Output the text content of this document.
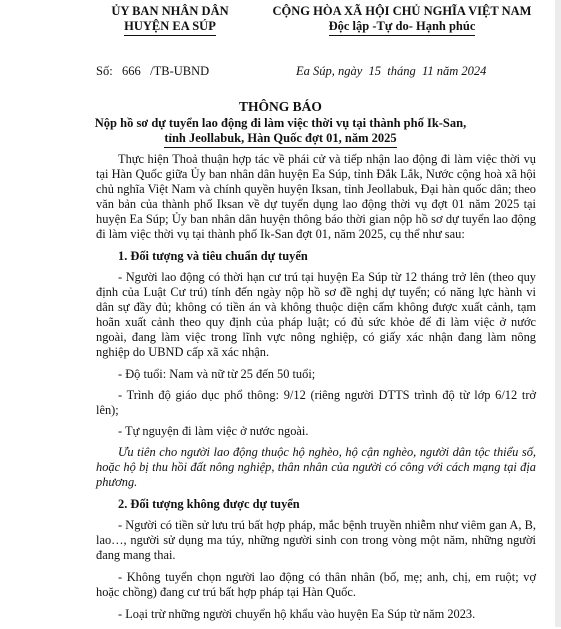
ỦY BAN NHÂN DÂN
HUYỆN EA SÚP
CỘNG HÒA XÃ HỘI CHỦ NGHĨA VIỆT NAM
Độc lập -Tự do- Hạnh phúc
Số:   666   /TB-UBND	Ea Súp, ngày  15  tháng  11 năm 2024
THÔNG BÁO
Nộp hồ sơ dự tuyển lao động đi làm việc thời vụ tại thành phố Ik-San,
tỉnh Jeollabuk, Hàn Quốc đợt 01, năm 2025

Thực hiện Thoả thuận hợp tác về phái cử và tiếp nhận lao động đi làm việc thời vụ tại Hàn Quốc giữa Ủy ban nhân dân huyện Ea Súp, tỉnh Đắk Lắk, Nước cộng hoà xã hội chủ nghĩa Việt Nam và chính quyền huyện Iksan, tỉnh Jeollabuk, Đại hàn quốc dân; theo văn bản của thành phố Iksan về dự tuyển dụng lao động thời vụ đợt 01 năm 2025 tại huyện Ea Súp; Ủy ban nhân dân huyện thông báo thời gian nộp hồ sơ dự tuyển lao động đi làm việc thời vụ tại thành phố Ik-San đợt 01, năm 2025, cụ thể như sau:

1. Đối tượng và tiêu chuẩn dự tuyển

- Người lao động có thời hạn cư trú tại huyện Ea Súp từ 12 tháng trở lên (theo quy định của Luật Cư trú) tính đến ngày nộp hồ sơ đề nghị dự tuyển; có năng lực hành vi dân sự đầy đủ; không có tiền án và không thuộc diện cấm không được xuất cảnh, tạm hoãn xuất cảnh theo quy định của pháp luật; có đủ sức khỏe để đi làm việc ở nước ngoài, đang làm việc trong lĩnh vực nông nghiệp, có giấy xác nhận đang làm nông nghiệp do UBND cấp xã xác nhận.

- Độ tuổi: Nam và nữ từ 25 đến 50 tuổi;

- Trình độ giáo dục phổ thông: 9/12 (riêng người DTTS trình độ từ lớp 6/12 trở lên);

- Tự nguyện đi làm việc ở nước ngoài.

Ưu tiên cho người lao động thuộc hộ nghèo, hộ cận nghèo, người dân tộc thiểu số, hoặc hộ bị thu hồi đất nông nghiệp, thân nhân của người có công với cách mạng tại địa phương.

2. Đối tượng không được dự tuyển

- Người có tiền sử lưu trú bất hợp pháp, mắc bệnh truyền nhiễm như viêm gan A, B, lao…, người sử dụng ma túy, những người sinh con trong vòng một năm, những người đang mang thai.

- Không tuyển chọn người lao động có thân nhân (bố, mẹ; anh, chị, em ruột; vợ hoặc chồng) đang cư trú bất hợp pháp tại Hàn Quốc.

- Loại trừ những người chuyển hộ khẩu vào huyện Ea Súp từ năm 2023.
